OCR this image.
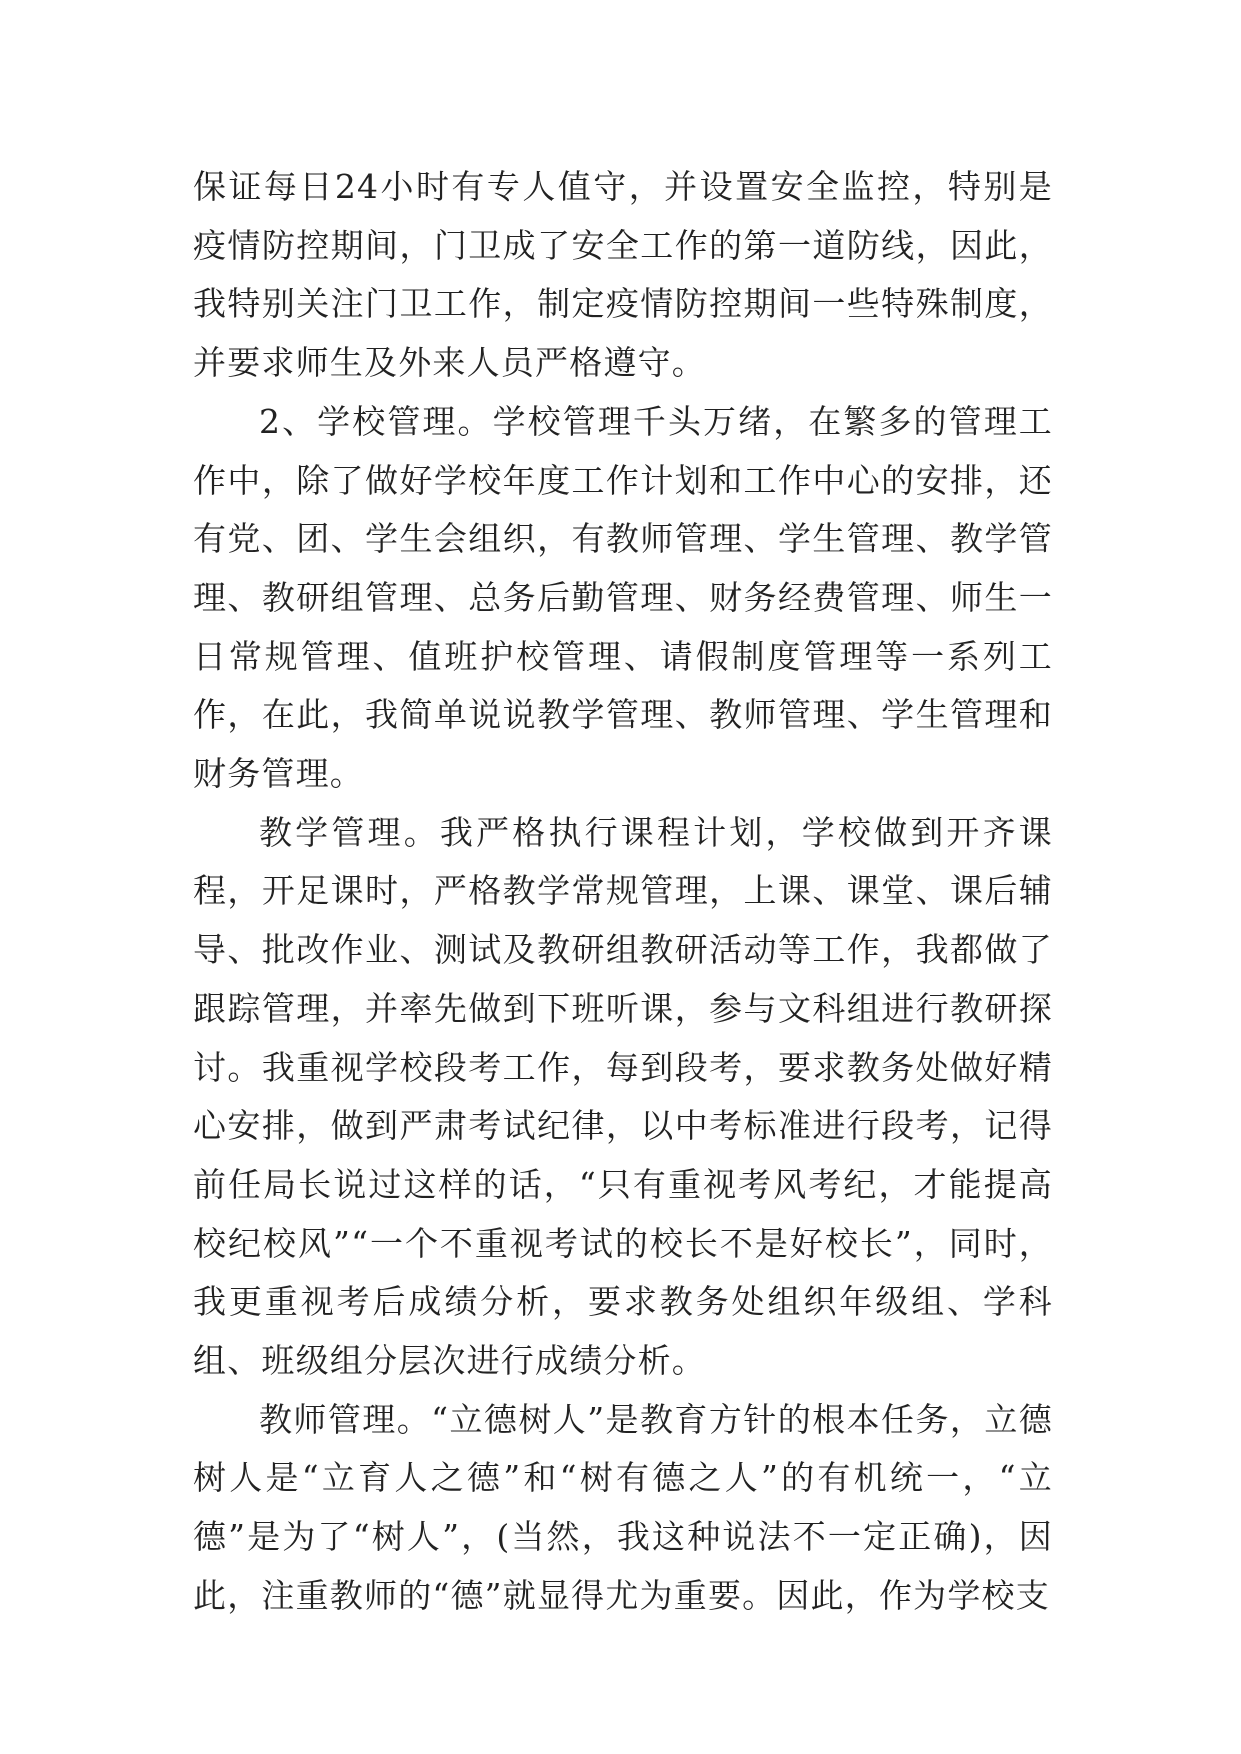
保证每日24小时有专人值守，并设置安全监控，特别是疫情防控期间，门卫成了安全工作的第一道防线，因此，我特别关注门卫工作，制定疫情防控期间一些特殊制度，并要求师生及外来人员严格遵守。

2、学校管理。学校管理千头万绪，在繁多的管理工作中，除了做好学校年度工作计划和工作中心的安排，还有党、团、学生会组织，有教师管理、学生管理、教学管理、教研组管理、总务后勤管理、财务经费管理、师生一日常规管理、值班护校管理、请假制度管理等一系列工作，在此，我简单说说教学管理、教师管理、学生管理和财务管理。

教学管理。我严格执行课程计划，学校做到开齐课程，开足课时，严格教学常规管理，上课、课堂、课后辅导、批改作业、测试及教研组教研活动等工作，我都做了跟踪管理，并率先做到下班听课，参与文科组进行教研探讨。我重视学校段考工作，每到段考，要求教务处做好精心安排，做到严肃考试纪律，以中考标准进行段考，记得前任局长说过这样的话，“只有重视考风考纪，才能提高校纪校风”“一个不重视考试的校长不是好校长”，同时，我更重视考后成绩分析，要求教务处组织年级组、学科组、班级组分层次进行成绩分析。

教师管理。“立德树人”是教育方针的根本任务，立德树人是“立育人之德”和“树有德之人”的有机统一，“立德”是为了“树人”，(当然，我这种说法不一定正确)，因此，注重教师的“德”就显得尤为重要。因此，作为学校支
